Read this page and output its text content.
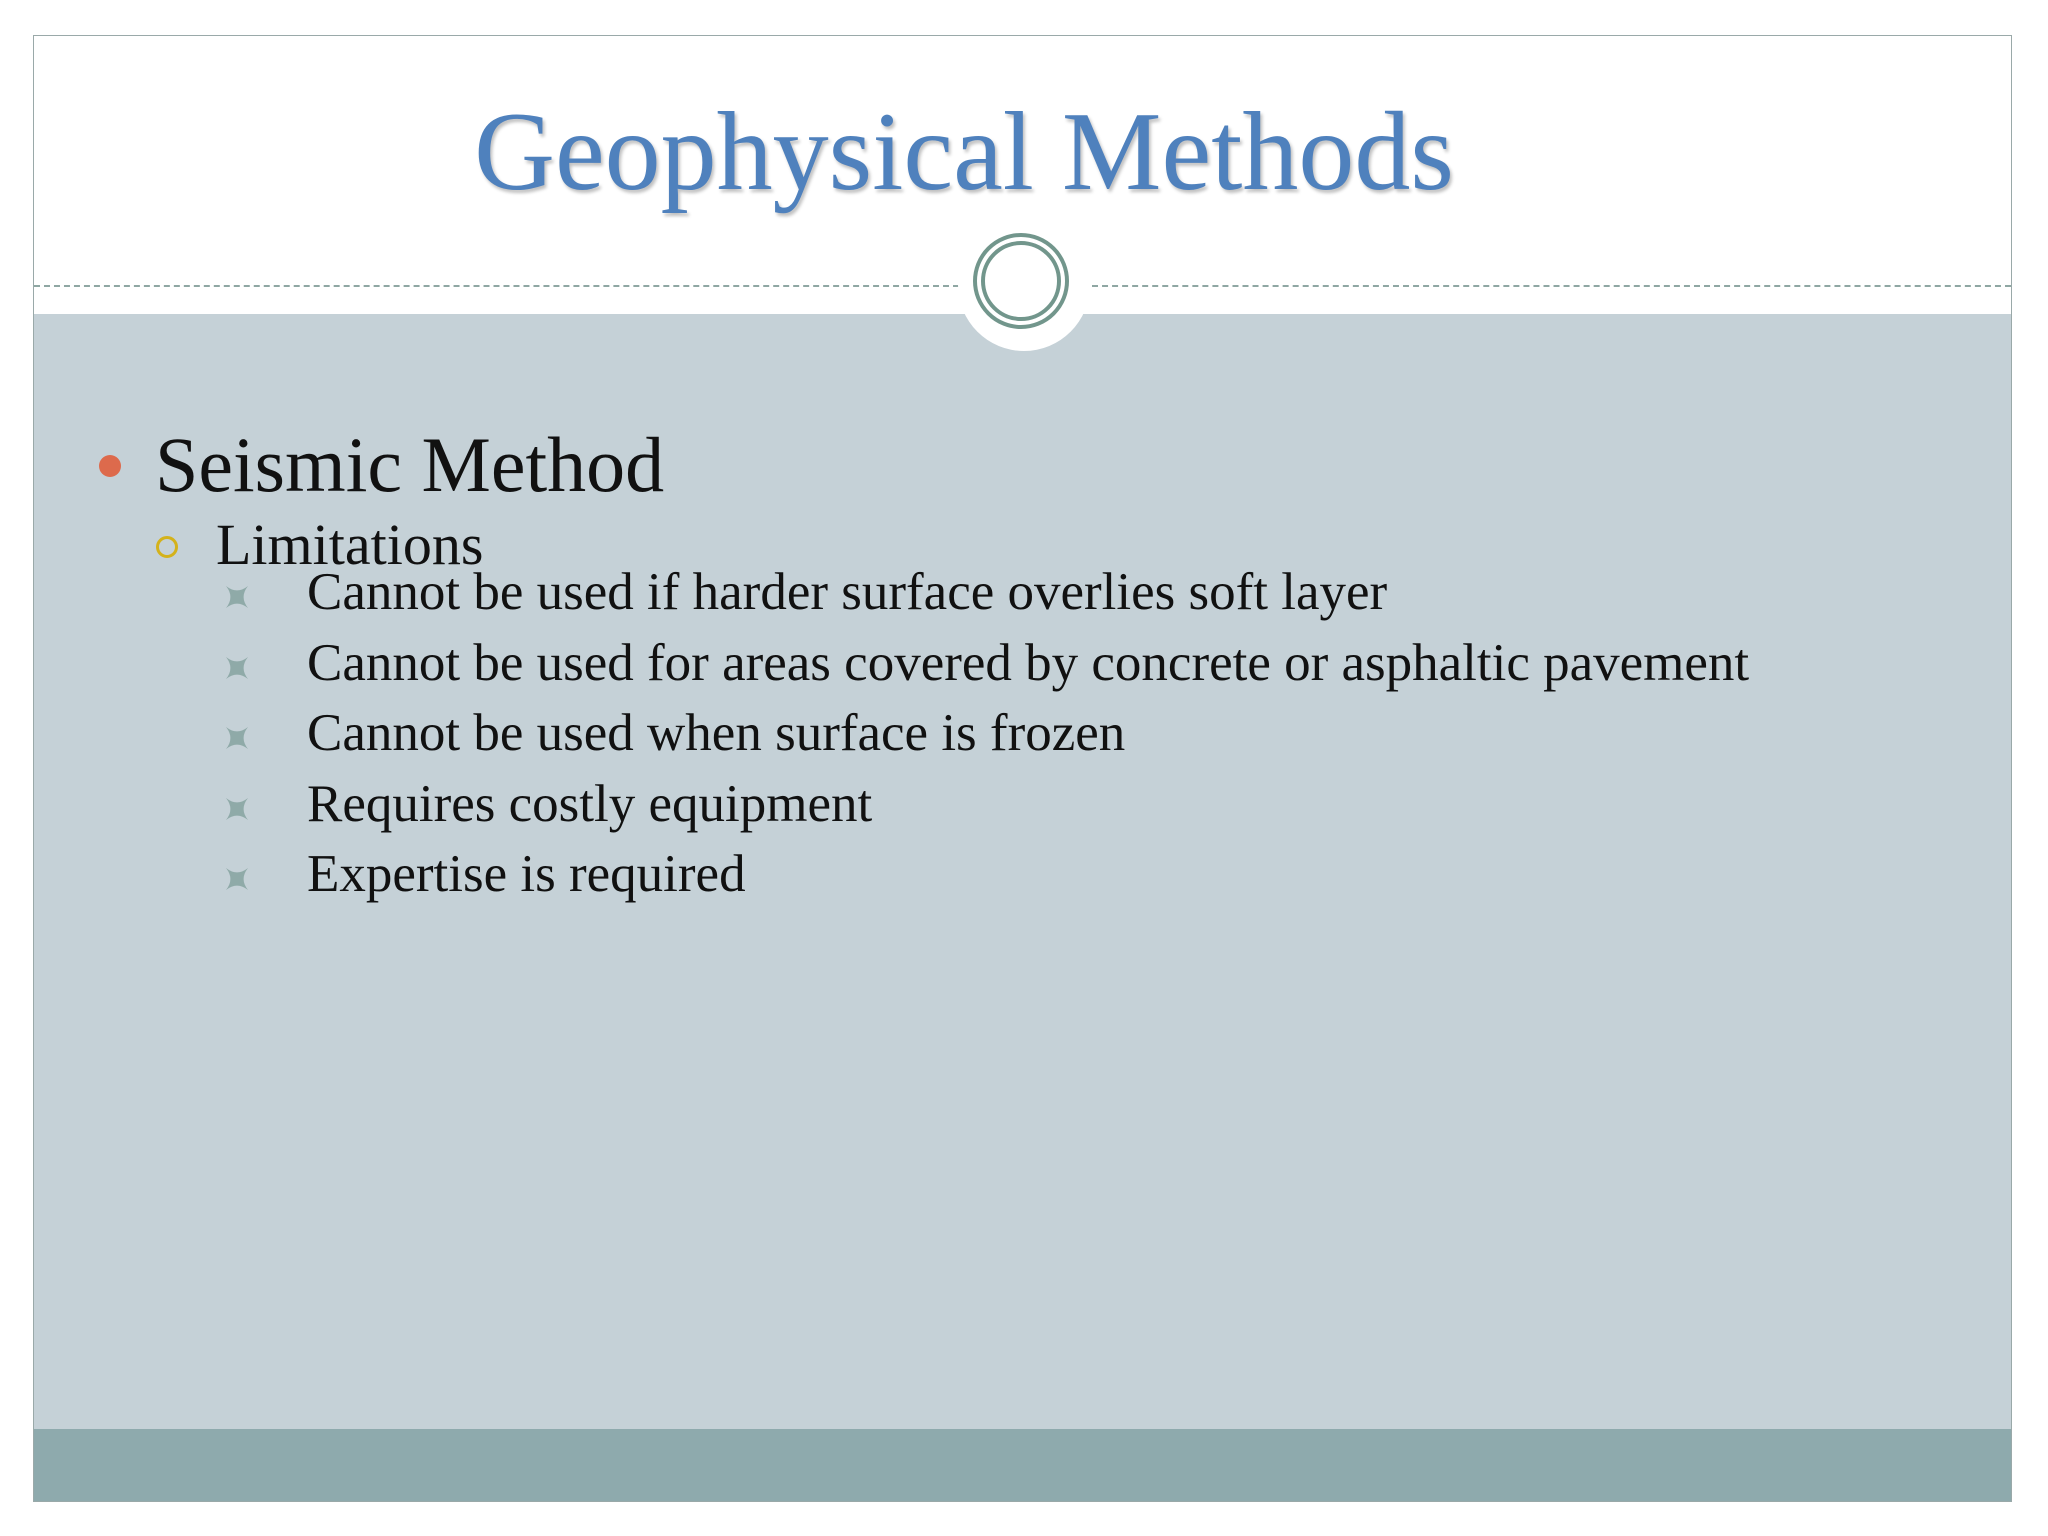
Geophysical Methods
Seismic Method
Limitations
Cannot be used if harder surface overlies soft layer
Cannot be used for areas covered by concrete or asphaltic pavement
Cannot be used when surface is frozen
Requires costly equipment
Expertise is required
